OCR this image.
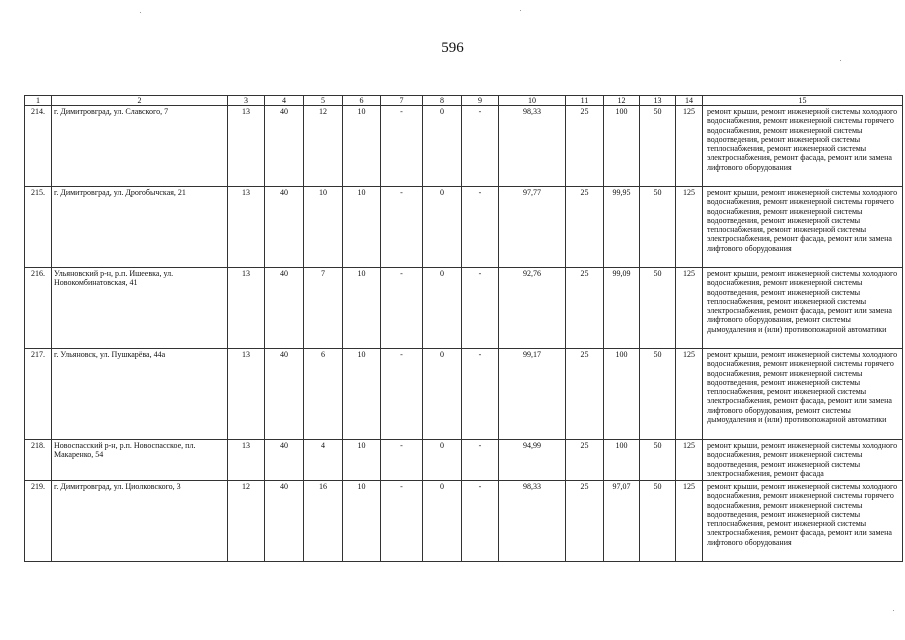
596
1	2	3	4	5	6	7	8	9	10	11	12	13	14	15
214.	г. Димитровград, ул. Славского, 7	13	40	12	10	-	0	-	98,33	25	100	50	125	ремонт крыши, ремонт инженерной системы холодного водоснабжения, ремонт инженерной системы горячего водоснабжения, ремонт инженерной системы водоотведения, ремонт инженерной системы теплоснабжения, ремонт инженерной системы электроснабжения, ремонт фасада, ремонт или замена лифтового оборудования
215.	г. Димитровград, ул. Дрогобычская, 21	13	40	10	10	-	0	-	97,77	25	99,95	50	125	ремонт крыши, ремонт инженерной системы холодного водоснабжения, ремонт инженерной системы горячего водоснабжения, ремонт инженерной системы водоотведения, ремонт инженерной системы теплоснабжения, ремонт инженерной системы электроснабжения, ремонт фасада, ремонт или замена лифтового оборудования
216.	Ульяновский р-н, р.п. Ишеевка, ул. Новокомбинатовская, 41	13	40	7	10	-	0	-	92,76	25	99,09	50	125	ремонт крыши, ремонт инженерной системы холодного водоснабжения, ремонт инженерной системы водоотведения, ремонт инженерной системы теплоснабжения, ремонт инженерной системы электроснабжения, ремонт фасада, ремонт или замена лифтового оборудования, ремонт системы дымоудаления и (или) противопожарной автоматики
217.	г. Ульяновск, ул. Пушкарёва, 44а	13	40	6	10	-	0	-	99,17	25	100	50	125	ремонт крыши, ремонт инженерной системы холодного водоснабжения, ремонт инженерной системы горячего водоснабжения, ремонт инженерной системы водоотведения, ремонт инженерной системы теплоснабжения, ремонт инженерной системы электроснабжения, ремонт фасада, ремонт или замена лифтового оборудования, ремонт системы дымоудаления и (или) противопожарной автоматики
218.	Новоспасский р-н, р.п. Новоспасское, пл. Макаренко, 54	13	40	4	10	-	0	-	94,99	25	100	50	125	ремонт крыши, ремонт инженерной системы холодного водоснабжения, ремонт инженерной системы водоотведения, ремонт инженерной системы электроснабжения, ремонт фасада
219.	г. Димитровград, ул. Циолковского, 3	12	40	16	10	-	0	-	98,33	25	97,07	50	125	ремонт крыши, ремонт инженерной системы холодного водоснабжения, ремонт инженерной системы горячего водоснабжения, ремонт инженерной системы водоотведения, ремонт инженерной системы теплоснабжения, ремонт инженерной системы электроснабжения, ремонт фасада, ремонт или замена лифтового оборудования
